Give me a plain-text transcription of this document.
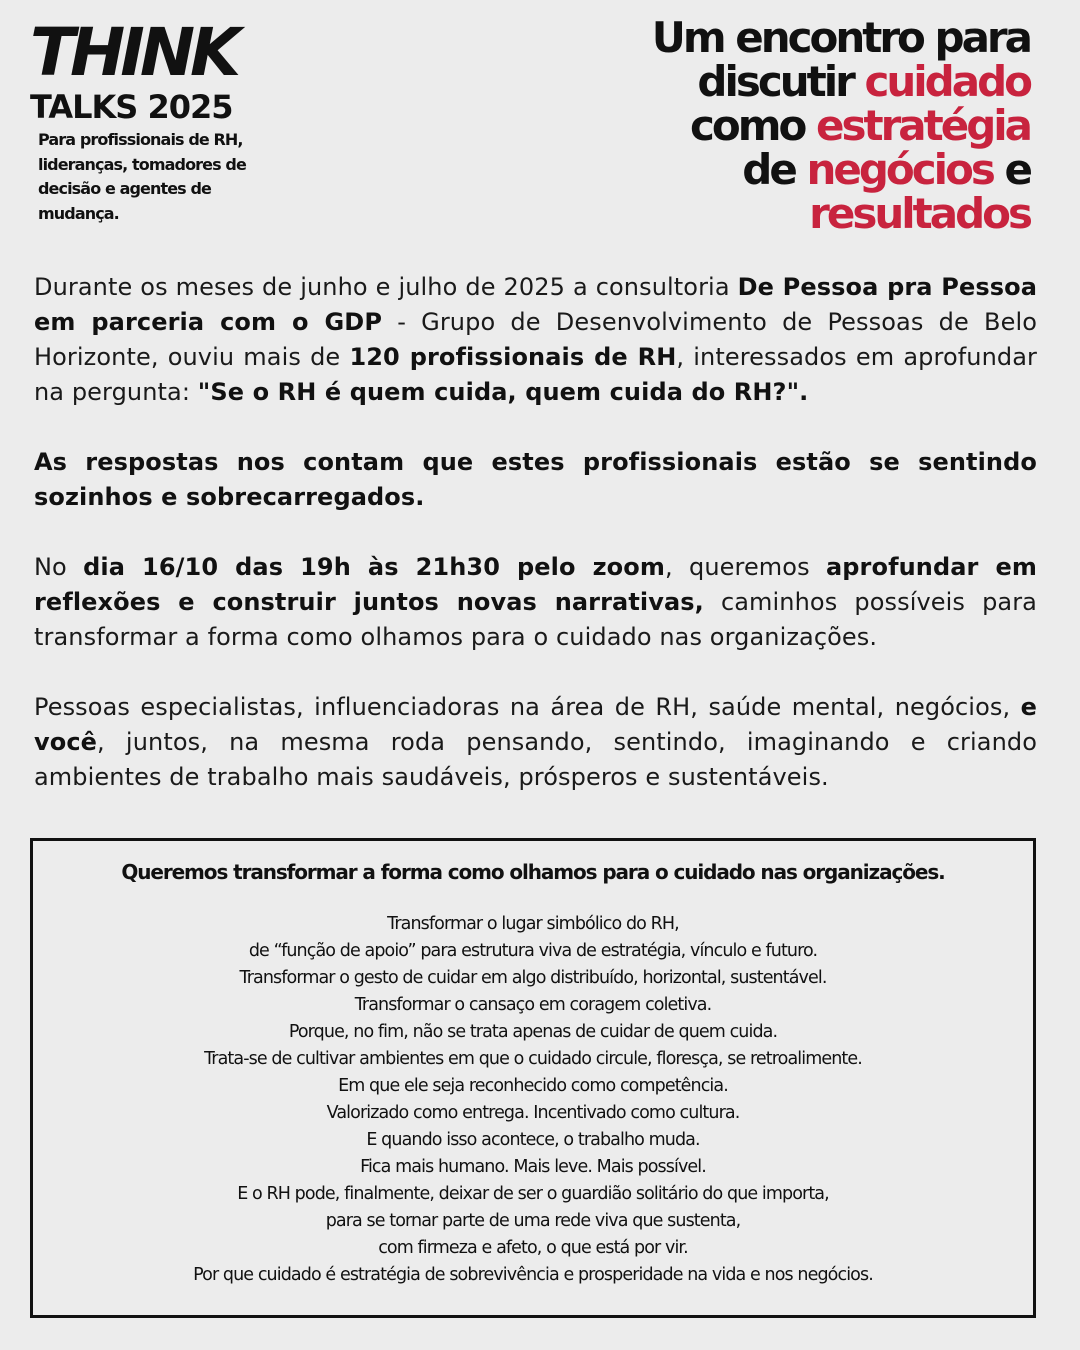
THINK
TALKS 2025
Para profissionais de RH, lideranças, tomadores de decisão e agentes de mudança.
Um encontro para
discutir cuidado
como estratégia
de negócios e
resultados

Durante os meses de junho e julho de 2025 a consultoria De Pessoa pra Pessoa em parceria com o GDP - Grupo de Desenvolvimento de Pessoas de Belo Horizonte, ouviu mais de 120 profissionais de RH, interessados em aprofundar na pergunta: "Se o RH é quem cuida, quem cuida do RH?".

As respostas nos contam que estes profissionais estão se sentindo sozinhos e sobrecarregados.

No dia 16/10 das 19h às 21h30 pelo zoom, queremos aprofundar em reflexões e construir juntos novas narrativas, caminhos possíveis para transformar a forma como olhamos para o cuidado nas organizações.

Pessoas especialistas, influenciadoras na área de RH, saúde mental, negócios, e você, juntos, na mesma roda pensando, sentindo, imaginando e criando ambientes de trabalho mais saudáveis, prósperos e sustentáveis.

Queremos transformar a forma como olhamos para o cuidado nas organizações.
Transformar o lugar simbólico do RH,
de “função de apoio” para estrutura viva de estratégia, vínculo e futuro.
Transformar o gesto de cuidar em algo distribuído, horizontal, sustentável.
Transformar o cansaço em coragem coletiva.
Porque, no fim, não se trata apenas de cuidar de quem cuida.
Trata-se de cultivar ambientes em que o cuidado circule, floresça, se retroalimente.
Em que ele seja reconhecido como competência.
Valorizado como entrega. Incentivado como cultura.
E quando isso acontece, o trabalho muda.
Fica mais humano. Mais leve. Mais possível.
E o RH pode, finalmente, deixar de ser o guardião solitário do que importa,
para se tornar parte de uma rede viva que sustenta,
com firmeza e afeto, o que está por vir.
Por que cuidado é estratégia de sobrevivência e prosperidade na vida e nos negócios.
